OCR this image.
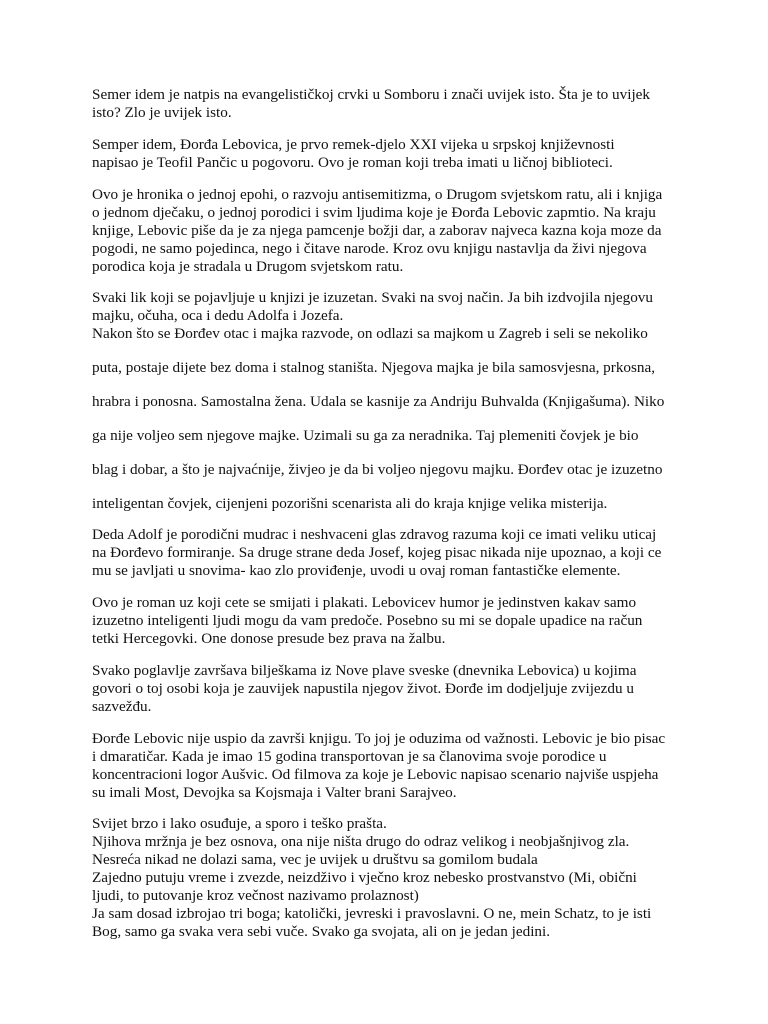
Semer idem je natpis na evangelističkoj crvki u Somboru i znači uvijek isto. Šta je to uvijek
isto? Zlo je uvijek isto.
Semper idem, Đorđa Lebovica, je prvo remek-djelo XXI vijeka u srpskoj književnosti
napisao je Teofil Pančic u pogovoru. Ovo je roman koji treba imati u ličnoj biblioteci.
Ovo je hronika o jednoj epohi, o razvoju antisemitizma, o Drugom svjetskom ratu, ali i knjiga
o jednom dječaku, o jednoj porodici i svim ljudima koje je Đorđa Lebovic zapmtio. Na kraju
knjige, Lebovic piše da je za njega pamcenje božji dar, a zaborav najveca kazna koja moze da
pogodi, ne samo pojedinca, nego i čitave narode. Kroz ovu knjigu nastavlja da živi njegova
porodica koja je stradala u Drugom svjetskom ratu.
Svaki lik koji se pojavljuje u knjizi je izuzetan. Svaki na svoj način. Ja bih izdvojila njegovu
majku, očuha, oca i dedu Adolfa i Jozefa.
Nakon što se Đorđev otac i majka razvode, on odlazi sa majkom u Zagreb i seli se nekoliko
puta, postaje dijete bez doma i stalnog staništa. Njegova majka je bila samosvjesna, prkosna,
hrabra i ponosna. Samostalna žena. Udala se kasnije za Andriju Buhvalda (Knjigašuma). Niko
ga nije voljeo sem njegove majke. Uzimali su ga za neradnika. Taj plemeniti čovjek je bio
blag i dobar, a što je najvaćnije, živjeo je da bi voljeo njegovu majku. Đorđev otac je izuzetno
inteligentan čovjek, cijenjeni pozorišni scenarista ali do kraja knjige velika misterija.
Deda Adolf je porodični mudrac i neshvaceni glas zdravog razuma koji ce imati veliku uticaj
na Đorđevo formiranje. Sa druge strane deda Josef, kojeg pisac nikada nije upoznao, a koji ce
mu se javljati u snovima- kao zlo proviđenje, uvodi u ovaj roman fantastičke elemente.
Ovo je roman uz koji cete se smijati i plakati. Lebovicev humor je jedinstven kakav samo
izuzetno inteligenti ljudi mogu da vam predoče. Posebno su mi se dopale upadice na račun
tetki Hercegovki. One donose presude bez prava na žalbu.
Svako poglavlje završava bilješkama iz Nove plave sveske (dnevnika Lebovica) u kojima
govori o toj osobi koja je zauvijek napustila njegov život. Đorđe im dodjeljuje zvijezdu u
sazvežđu.
Đorđe Lebovic nije uspio da završi knjigu. To joj je oduzima od važnosti. Lebovic je bio pisac
i dmaratičar. Kada je imao 15 godina transportovan je sa članovima svoje porodice u
koncentracioni logor Aušvic. Od filmova za koje je Lebovic napisao scenario najviše uspjeha
su imali Most, Devojka sa Kojsmaja i Valter brani Sarajveo.
Svijet brzo i lako osuđuje, a sporo i teško prašta.
Njihova mržnja je bez osnova, ona nije ništa drugo do odraz velikog i neobjašnjivog zla.
Nesreća nikad ne dolazi sama, vec je uvijek u društvu sa gomilom budala
Zajedno putuju vreme i zvezde, neizdživo i vječno kroz nebesko prostvanstvo (Mi, obični
ljudi, to putovanje kroz večnost nazivamo prolaznost)
Ja sam dosad izbrojao tri boga; katolički, jevreski i pravoslavni. O ne, mein Schatz, to je isti
Bog, samo ga svaka vera sebi vuče. Svako ga svojata, ali on je jedan jedini.
